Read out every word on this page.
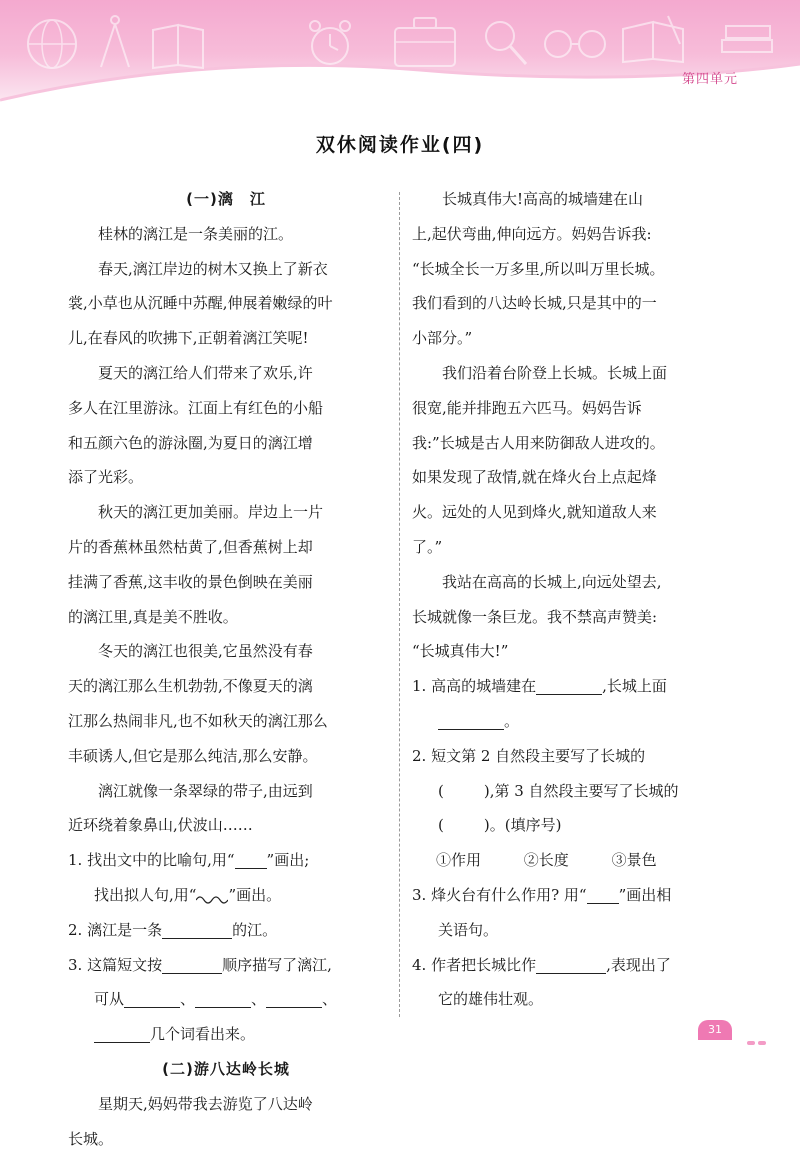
第四单元
双休阅读作业(四)
(一)漓　江
桂林的漓江是一条美丽的江。
春天,漓江岸边的树木又换上了新衣
裳,小草也从沉睡中苏醒,伸展着嫩绿的叶
儿,在春风的吹拂下,正朝着漓江笑呢!
夏天的漓江给人们带来了欢乐,许
多人在江里游泳。江面上有红色的小船
和五颜六色的游泳圈,为夏日的漓江增
添了光彩。
秋天的漓江更加美丽。岸边上一片
片的香蕉林虽然枯黄了,但香蕉树上却
挂满了香蕉,这丰收的景色倒映在美丽
的漓江里,真是美不胜收。
冬天的漓江也很美,它虽然没有春
天的漓江那么生机勃勃,不像夏天的漓
江那么热闹非凡,也不如秋天的漓江那么
丰硕诱人,但它是那么纯洁,那么安静。
漓江就像一条翠绿的带子,由远到
近环绕着象鼻山,伏波山……
1. 找出文中的比喻句,用“ ”画出;
找出拟人句,用“ ”画出。
2. 漓江是一条	的江。
3. 这篇短文按	顺序描写了漓江,
可从	、	、	、
几个词看出来。
(二)游八达岭长城
星期天,妈妈带我去游览了八达岭
长城。
长城真伟大!高高的城墙建在山
上,起伏弯曲,伸向远方。妈妈告诉我:
“长城全长一万多里,所以叫万里长城。
我们看到的八达岭长城,只是其中的一
小部分。”
我们沿着台阶登上长城。长城上面
很宽,能并排跑五六匹马。妈妈告诉
我:”长城是古人用来防御敌人进攻的。
如果发现了敌情,就在烽火台上点起烽
火。远处的人见到烽火,就知道敌人来
了。”
我站在高高的长城上,向远处望去,
长城就像一条巨龙。我不禁高声赞美:
“长城真伟大!”
1. 高高的城墙建在	,长城上面
。
2. 短文第 2 自然段主要写了长城的
(	),第 3 自然段主要写了长城的
(	)。(填序号)
①作用	②长度	③景色
3. 烽火台有什么作用? 用“ ”画出相
关语句。
4. 作者把长城比作	,表现出了
它的雄伟壮观。
31
